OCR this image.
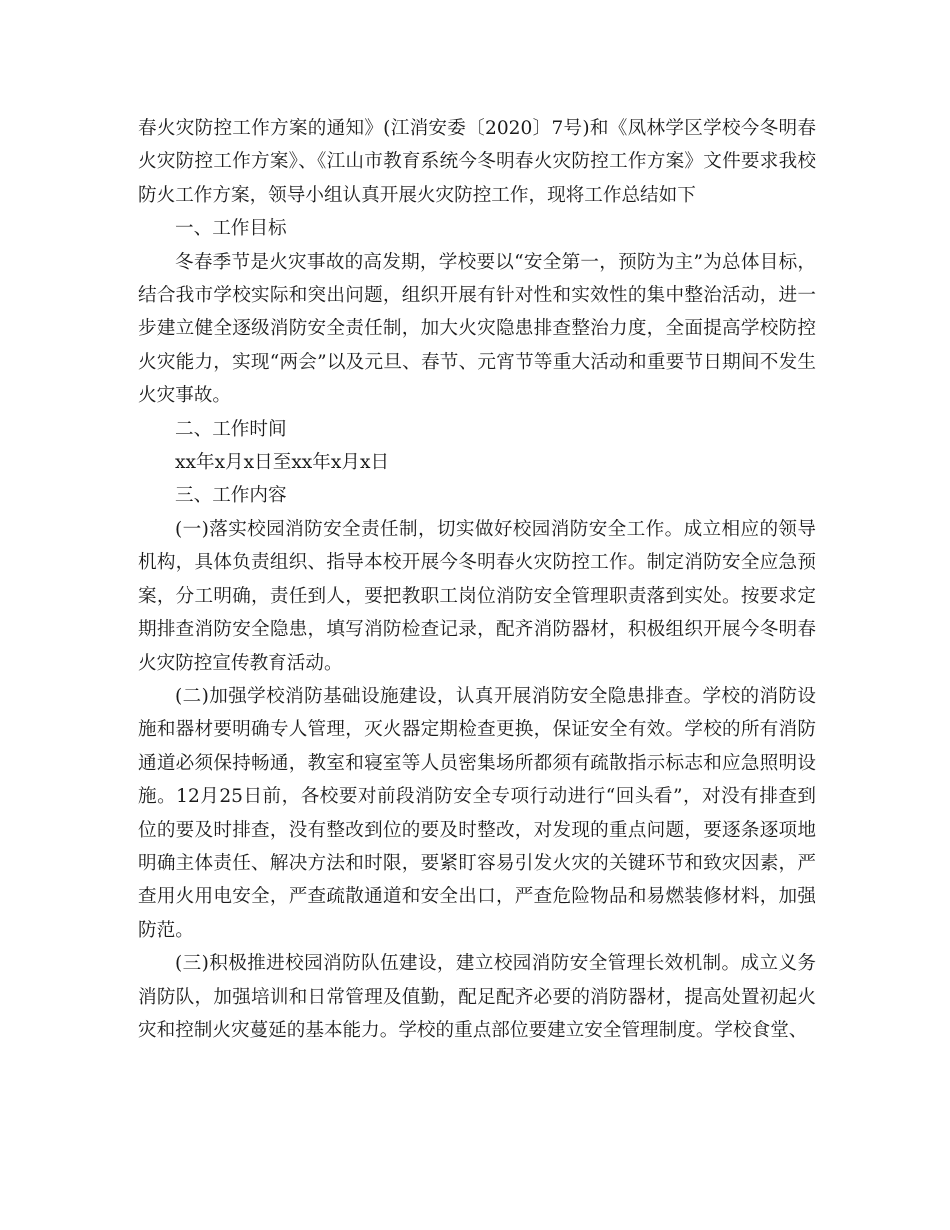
春火灾防控工作方案的通知》(江消安委〔2020〕7号)和《凤林学区学校今冬明春火灾防控工作方案》、《江山市教育系统今冬明春火灾防控工作方案》文件要求我校防火工作方案，领导小组认真开展火灾防控工作，现将工作总结如下

一、工作目标

冬春季节是火灾事故的高发期，学校要以“安全第一，预防为主”为总体目标，结合我市学校实际和突出问题，组织开展有针对性和实效性的集中整治活动，进一步建立健全逐级消防安全责任制，加大火灾隐患排查整治力度，全面提高学校防控火灾能力，实现“两会”以及元旦、春节、元宵节等重大活动和重要节日期间不发生火灾事故。

二、工作时间

xx年x月x日至xx年x月x日

三、工作内容

(一)落实校园消防安全责任制，切实做好校园消防安全工作。成立相应的领导机构，具体负责组织、指导本校开展今冬明春火灾防控工作。制定消防安全应急预案，分工明确，责任到人，要把教职工岗位消防安全管理职责落到实处。按要求定期排查消防安全隐患，填写消防检查记录，配齐消防器材，积极组织开展今冬明春火灾防控宣传教育活动。

(二)加强学校消防基础设施建设，认真开展消防安全隐患排查。学校的消防设施和器材要明确专人管理，灭火器定期检查更换，保证安全有效。学校的所有消防通道必须保持畅通，教室和寝室等人员密集场所都须有疏散指示标志和应急照明设施。12月25日前，各校要对前段消防安全专项行动进行“回头看”，对没有排查到位的要及时排查，没有整改到位的要及时整改，对发现的重点问题，要逐条逐项地明确主体责任、解决方法和时限，要紧盯容易引发火灾的关键环节和致灾因素，严查用火用电安全，严查疏散通道和安全出口，严查危险物品和易燃装修材料，加强防范。

(三)积极推进校园消防队伍建设，建立校园消防安全管理长效机制。成立义务消防队，加强培训和日常管理及值勤，配足配齐必要的消防器材，提高处置初起火灾和控制火灾蔓延的基本能力。学校的重点部位要建立安全管理制度。学校食堂、
